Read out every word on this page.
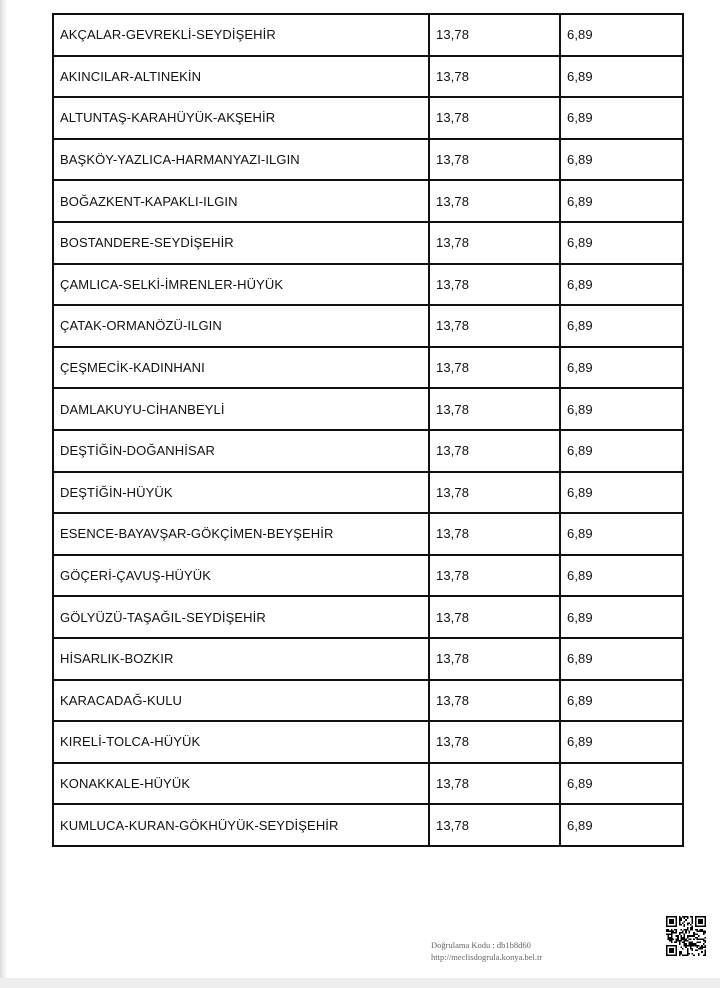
AKÇALAR-GEVREKLİ-SEYDİŞEHİR	13,78	6,89
AKINCILAR-ALTINEKİN	13,78	6,89
ALTUNTAŞ-KARAHÜYÜK-AKŞEHİR	13,78	6,89
BAŞKÖY-YAZLICA-HARMANYAZI-ILGIN	13,78	6,89
BOĞAZKENT-KAPAKLI-ILGIN	13,78	6,89
BOSTANDERE-SEYDİŞEHİR	13,78	6,89
ÇAMLICA-SELKİ-İMRENLER-HÜYÜK	13,78	6,89
ÇATAK-ORMANÖZÜ-ILGIN	13,78	6,89
ÇEŞMECİK-KADINHANI	13,78	6,89
DAMLAKUYU-CİHANBEYLİ	13,78	6,89
DEŞTİĞİN-DOĞANHİSAR	13,78	6,89
DEŞTİĞİN-HÜYÜK	13,78	6,89
ESENCE-BAYAVŞAR-GÖKÇİMEN-BEYŞEHİR	13,78	6,89
GÖÇERİ-ÇAVUŞ-HÜYÜK	13,78	6,89
GÖLYÜZÜ-TAŞAĞIL-SEYDİŞEHİR	13,78	6,89
HİSARLIK-BOZKIR	13,78	6,89
KARACADAĞ-KULU	13,78	6,89
KIRELİ-TOLCA-HÜYÜK	13,78	6,89
KONAKKALE-HÜYÜK	13,78	6,89
KUMLUCA-KURAN-GÖKHÜYÜK-SEYDİŞEHİR	13,78	6,89
Doğrulama Kodu : db1b8d60
http://meclisdogrula.konya.bel.tr
